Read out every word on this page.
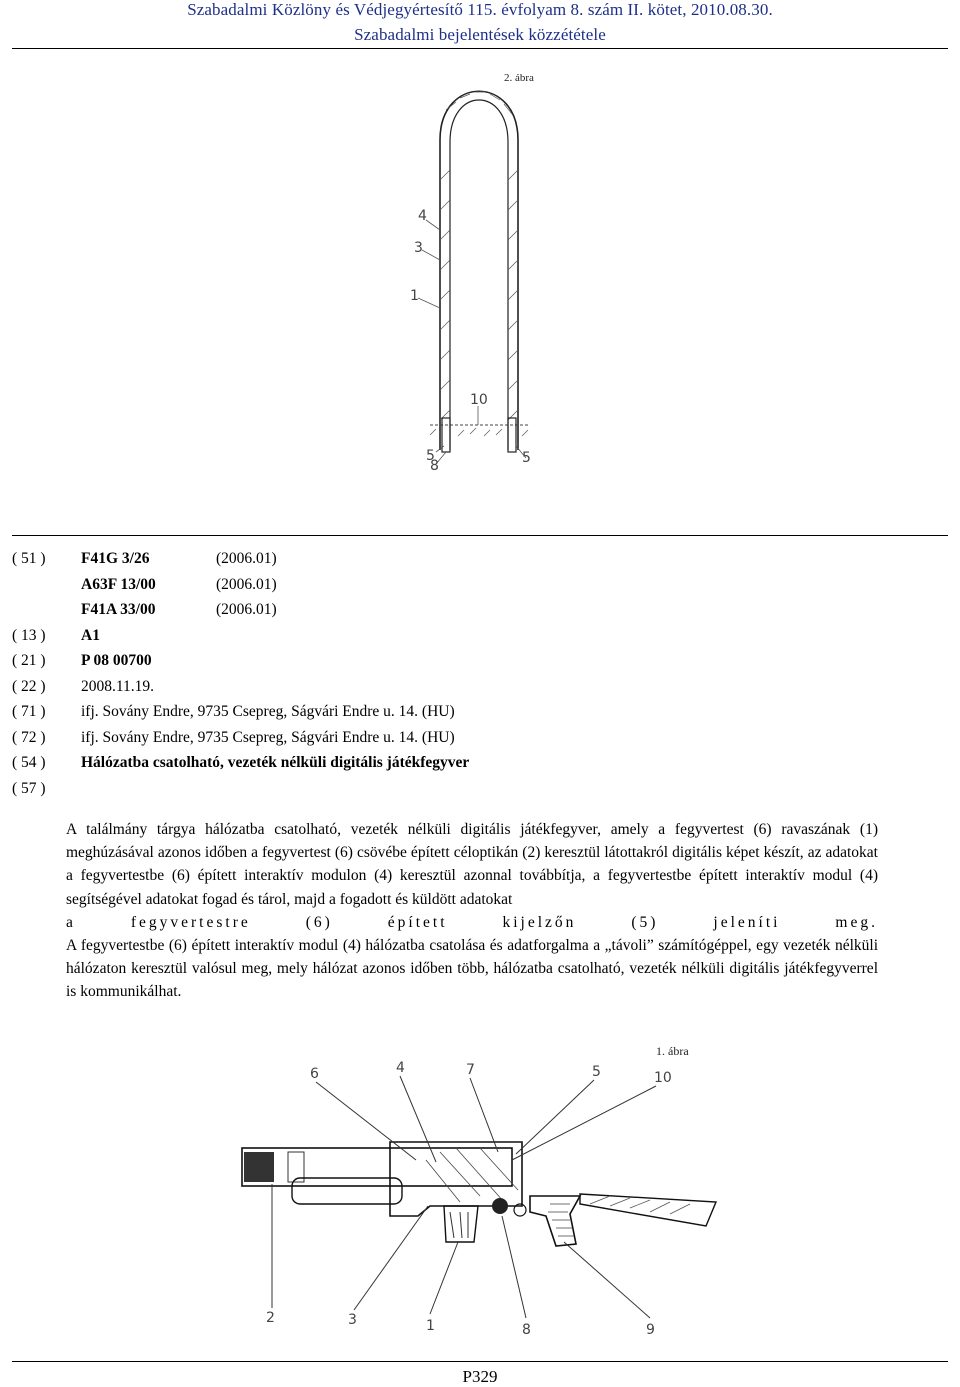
Szabadalmi Közlöny és Védjegyértesítő 115. évfolyam 8. szám II. kötet, 2010.08.30.
Szabadalmi bejelentések közzététele
2. ábra
4
3
1
10
5
8	5
( 51 ) F41G 3/26	(2006.01)
A63F 13/00	(2006.01)
F41A 33/00	(2006.01)
( 13 ) A1
( 21 ) P 08 00700
( 22 ) 2008.11.19.
( 71 ) ifj. Sovány Endre, 9735 Csepreg, Ságvári Endre u. 14. (HU)
( 72 ) ifj. Sovány Endre, 9735 Csepreg, Ságvári Endre u. 14. (HU)
( 54 ) Hálózatba csatolható, vezeték nélküli digitális játékfegyver
( 57 )

A találmány tárgya hálózatba csatolható, vezeték nélküli digitális játékfegyver, amely a fegyvertest (6) ravaszának (1) meghúzásával azonos időben a fegyvertest (6) csövébe épített céloptikán (2) keresztül látottakról digitális képet készít, az adatokat a fegyvertestbe (6) épített interaktív modulon (4) keresztül azonnal továbbítja, a fegyvertestbe épített interaktív modul (4) segítségével adatokat fogad és tárol, majd a fogadott és küldött adatokat

a fegyvertestre (6) épített kijelzőn (5) jeleníti meg.

A fegyvertestbe (6) épített interaktív modul (4) hálózatba csatolása és adatforgalma a „távoli” számítógéppel, egy vezeték nélküli hálózaton keresztül valósul meg, mely hálózat azonos időben több, hálózatba csatolható, vezeték nélküli digitális játékfegyverrel is kommunikálhat.

1. ábra
6	4	7	5	10
2	3	1	8	9
P329
